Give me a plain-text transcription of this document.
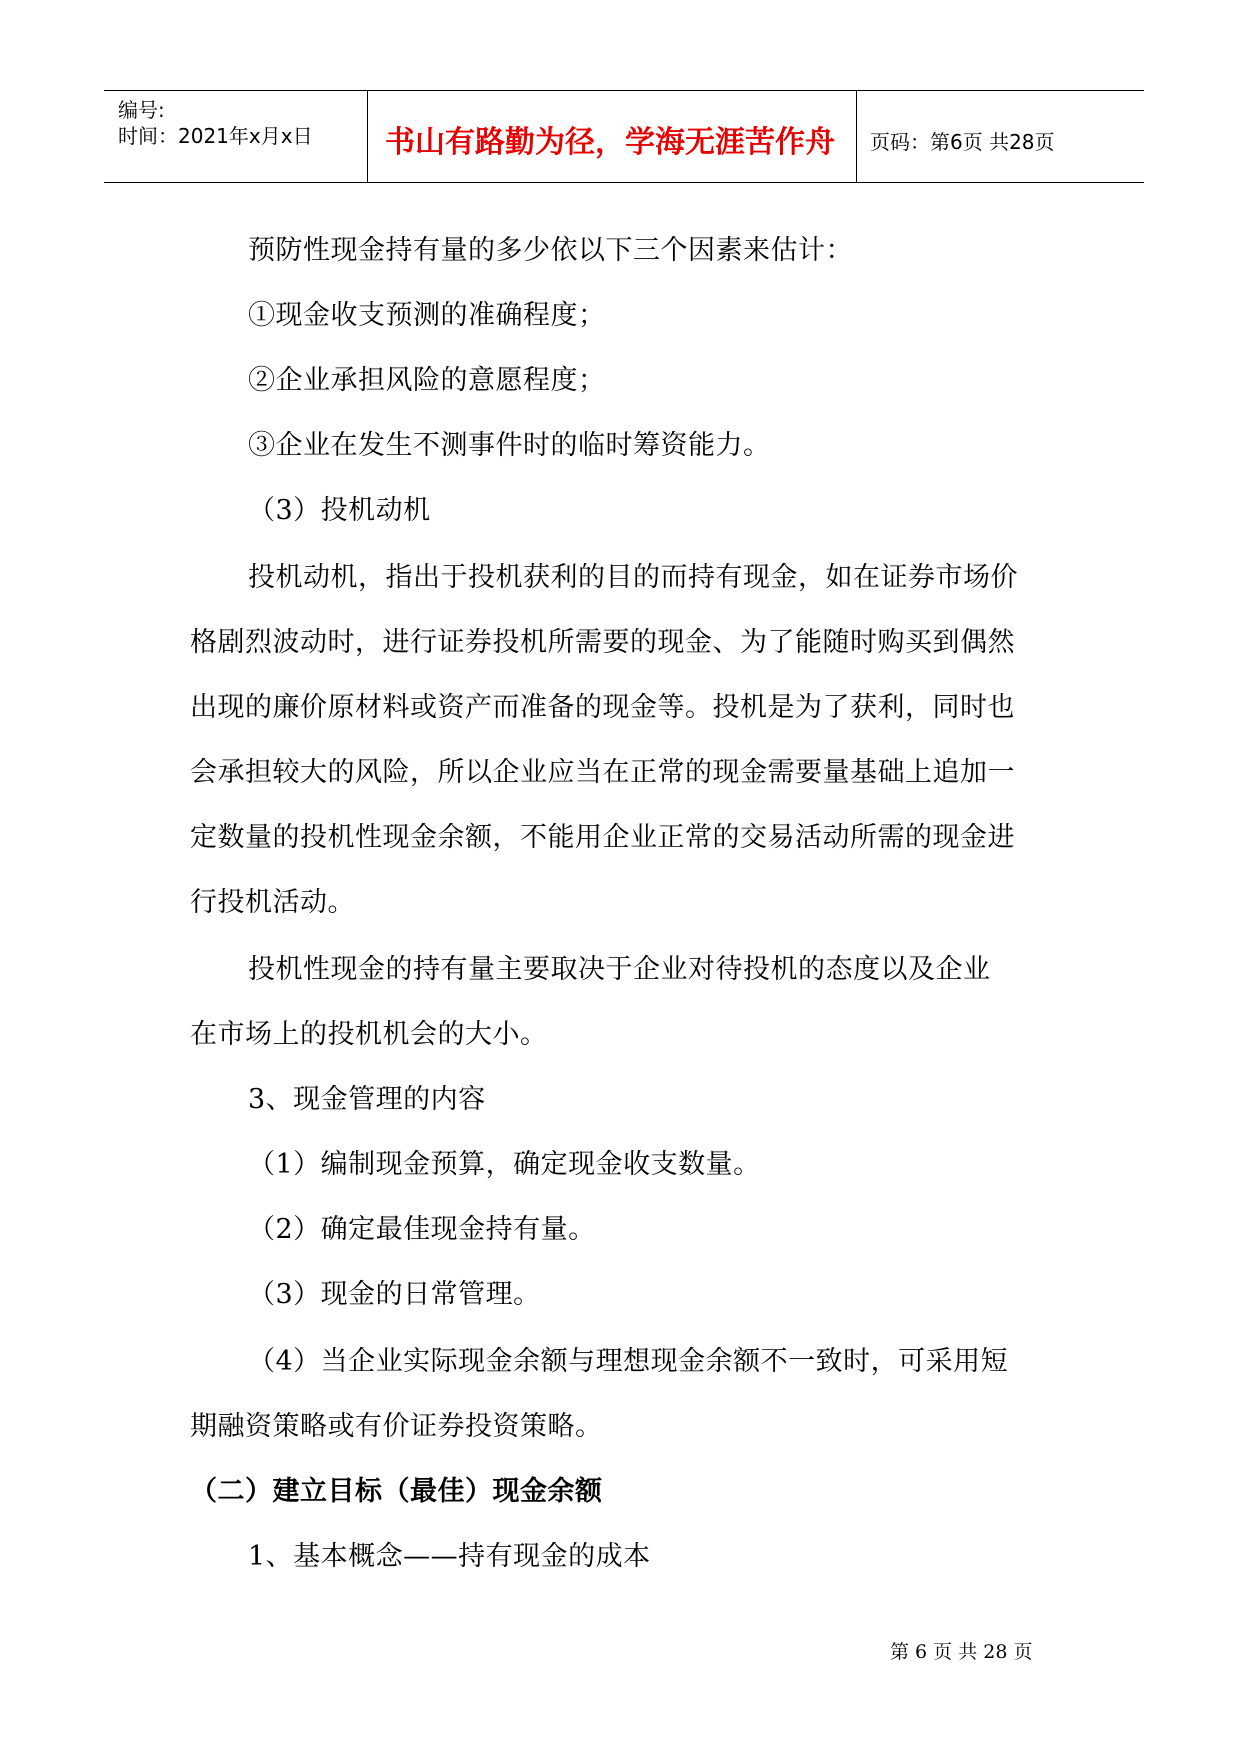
编号:
时间：2021年x月x日	书山有路勤为径，学海无涯苦作舟	页码：第6页 共28页
预防性现金持有量的多少依以下三个因素来估计：
①现金收支预测的准确程度；
②企业承担风险的意愿程度；
③企业在发生不测事件时的临时筹资能力。
（3）投机动机
投机动机，指出于投机获利的目的而持有现金，如在证券市场价
格剧烈波动时，进行证券投机所需要的现金、为了能随时购买到偶然
出现的廉价原材料或资产而准备的现金等。投机是为了获利，同时也
会承担较大的风险，所以企业应当在正常的现金需要量基础上追加一
定数量的投机性现金余额，不能用企业正常的交易活动所需的现金进
行投机活动。
投机性现金的持有量主要取决于企业对待投机的态度以及企业
在市场上的投机机会的大小。
3、现金管理的内容
（1）编制现金预算，确定现金收支数量。
（2）确定最佳现金持有量。
（3）现金的日常管理。
（4）当企业实际现金余额与理想现金余额不一致时，可采用短
期融资策略或有价证券投资策略。
（二）建立目标（最佳）现金余额
1、基本概念——持有现金的成本
第 6 页 共 28 页
